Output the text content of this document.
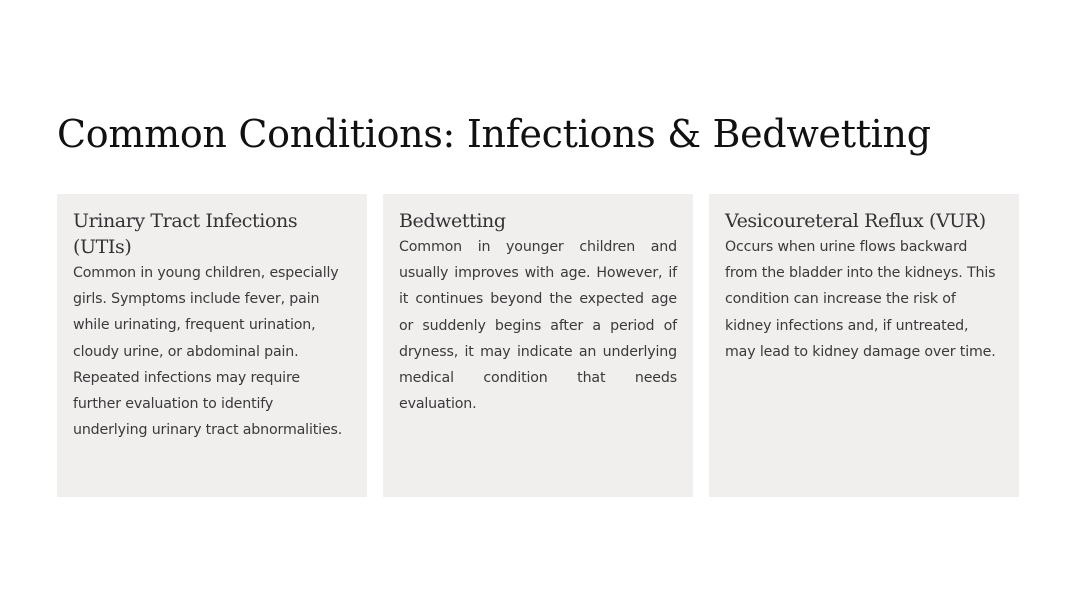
Common Conditions: Infections & Bedwetting
Urinary Tract Infections (UTIs)

Common in young children, especially girls. Symptoms include fever, pain while urinating, frequent urination, cloudy urine, or abdominal pain. Repeated infections may require further evaluation to identify underlying urinary tract abnormalities.

Bedwetting

Common in younger children and usually improves with age. However, if it continues beyond the expected age or suddenly begins after a period of dryness, it may indicate an underlying medical condition that needs evaluation.

Vesicoureteral Reflux (VUR)

Occurs when urine flows backward from the bladder into the kidneys. This condition can increase the risk of kidney infections and, if untreated, may lead to kidney damage over time.
